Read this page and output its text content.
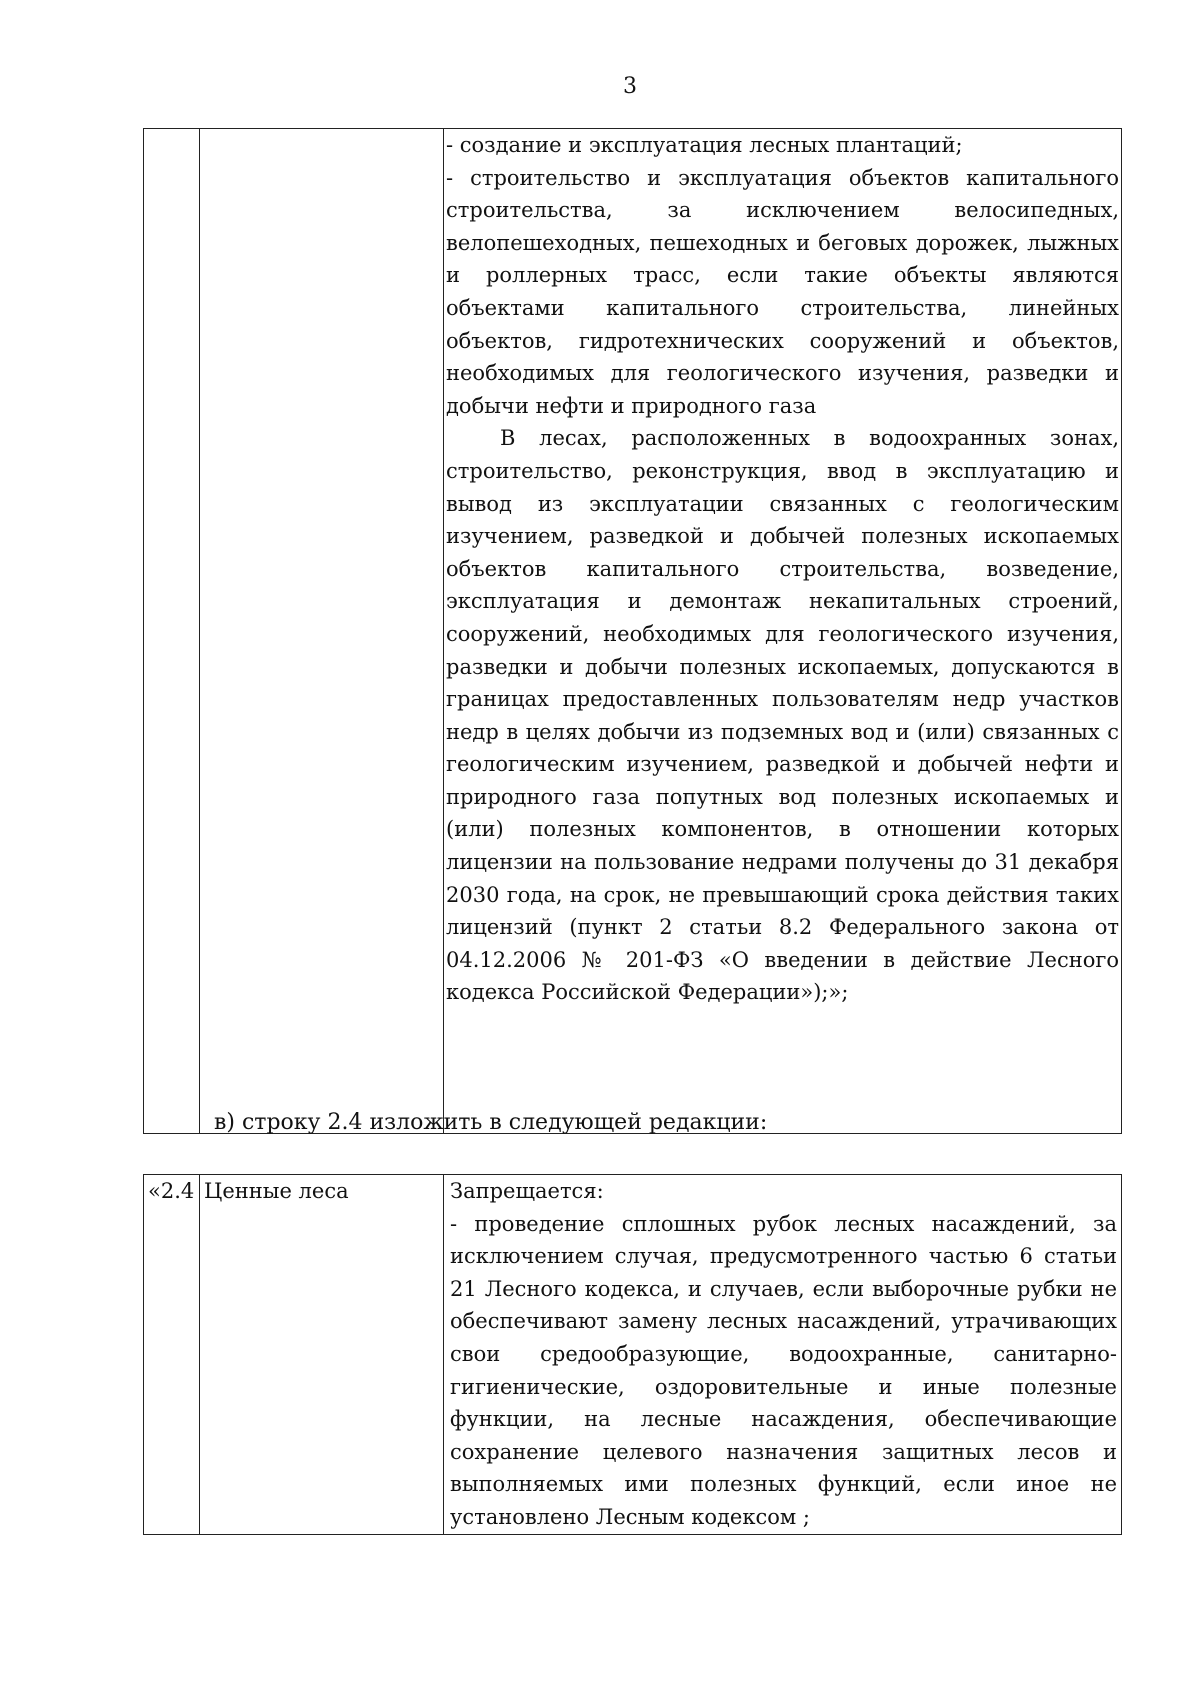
3

- создание и эксплуатация лесных плантаций;
- строительство и эксплуатация объектов капитального строительства, за исключением велосипедных, велопешеходных, пешеходных и беговых дорожек, лыжных и роллерных трасс, если такие объекты являются объектами капитального строительства, линейных объектов, гидротехнических сооружений и объектов, необходимых для геологического изучения, разведки и добычи нефти и природного газа
В лесах, расположенных в водоохранных зонах, строительство, реконструкция, ввод в эксплуатацию и вывод из эксплуатации связанных с геологическим изучением, разведкой и добычей полезных ископаемых объектов капитального строительства, возведение, эксплуатация и демонтаж некапитальных строений, сооружений, необходимых для геологического изучения, разведки и добычи полезных ископаемых, допускаются в границах предоставленных пользователям недр участков недр в целях добычи из подземных вод и (или) связанных с геологическим изучением, разведкой и добычей нефти и природного газа попутных вод полезных ископаемых и (или) полезных компонентов, в отношении которых лицензии на пользование недрами получены до 31 декабря 2030 года, на срок, не превышающий срока действия таких лицензий (пункт 2 статьи 8.2 Федерального закона от 04.12.2006 № 201-ФЗ «О введении в действие Лесного кодекса Российской Федерации»);»;
в) строку 2.4 изложить в следующей редакции:
«2.4	Ценные леса	Запрещается:
- проведение сплошных рубок лесных насаждений, за исключением случая, предусмотренного частью 6 статьи 21 Лесного кодекса, и случаев, если выборочные рубки не обеспечивают замену лесных насаждений, утрачивающих свои средообразующие, водоохранные, санитарно-гигиенические, оздоровительные и иные полезные функции, на лесные насаждения, обеспечивающие сохранение целевого назначения защитных лесов и выполняемых ими полезных функций, если иное не установлено Лесным кодексом ;
